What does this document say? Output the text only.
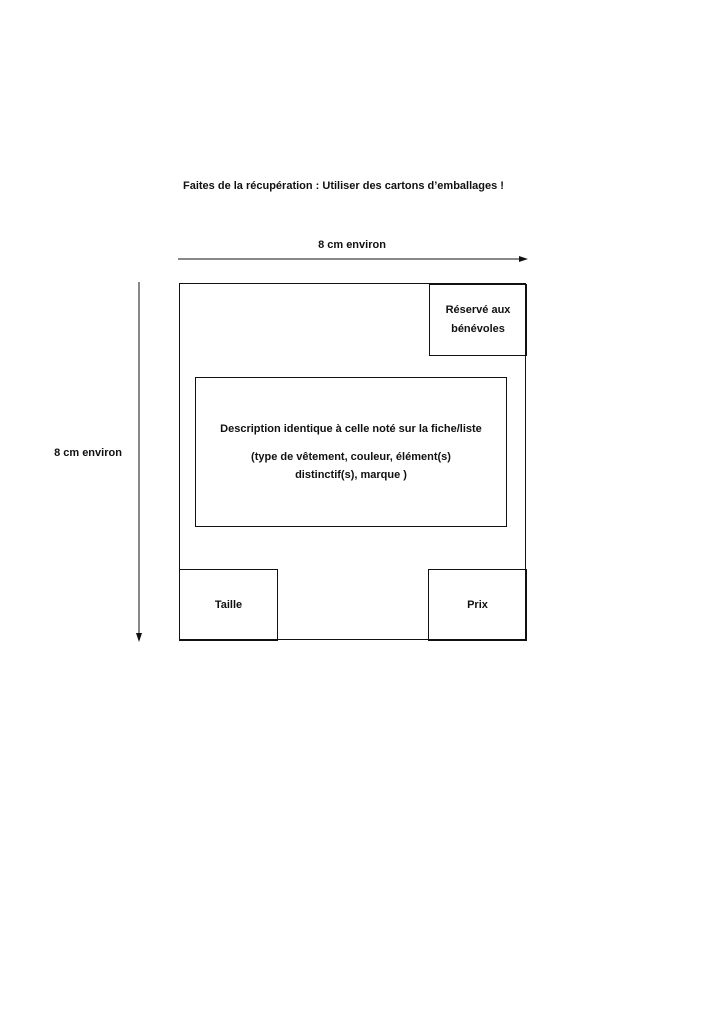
Faites de la récupération : Utiliser des cartons d’emballages !
8 cm environ
8 cm environ
Réservé aux bénévoles
Description identique à celle noté sur la fiche/liste
(type de vêtement, couleur, élément(s) distinctif(s), marque )
Taille	Prix
